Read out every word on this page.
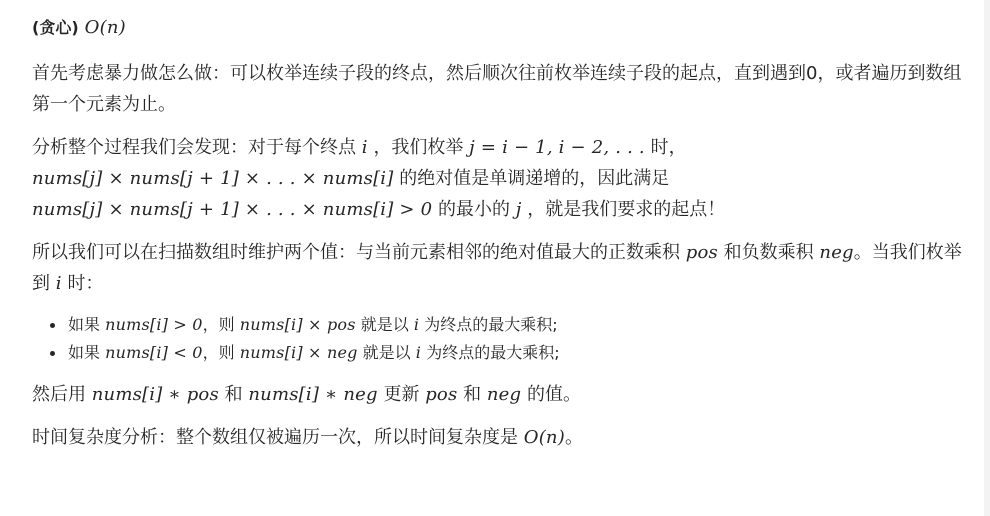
(贪心) O(n)

首先考虑暴力做怎么做：可以枚举连续子段的终点，然后顺次往前枚举连续子段的起点，直到遇到0，或者遍历到数组第一个元素为止。

分析整个过程我们会发现：对于每个终点 i ，我们枚举 j = i − 1, i − 2, . . . 时，
nums[j] × nums[j + 1] × . . . × nums[i] 的绝对值是单调递增的，因此满足
nums[j] × nums[j + 1] × . . . × nums[i] > 0 的最小的 j ，就是我们要求的起点！

所以我们可以在扫描数组时维护两个值：与当前元素相邻的绝对值最大的正数乘积 pos 和负数乘积 neg。当我们枚举到 i 时：

如果 nums[i] > 0，则 nums[i] × pos 就是以 i 为终点的最大乘积;
如果 nums[i] < 0，则 nums[i] × neg 就是以 i 为终点的最大乘积;

然后用 nums[i] ∗ pos 和 nums[i] ∗ neg 更新 pos 和 neg 的值。

时间复杂度分析：整个数组仅被遍历一次，所以时间复杂度是 O(n)。
